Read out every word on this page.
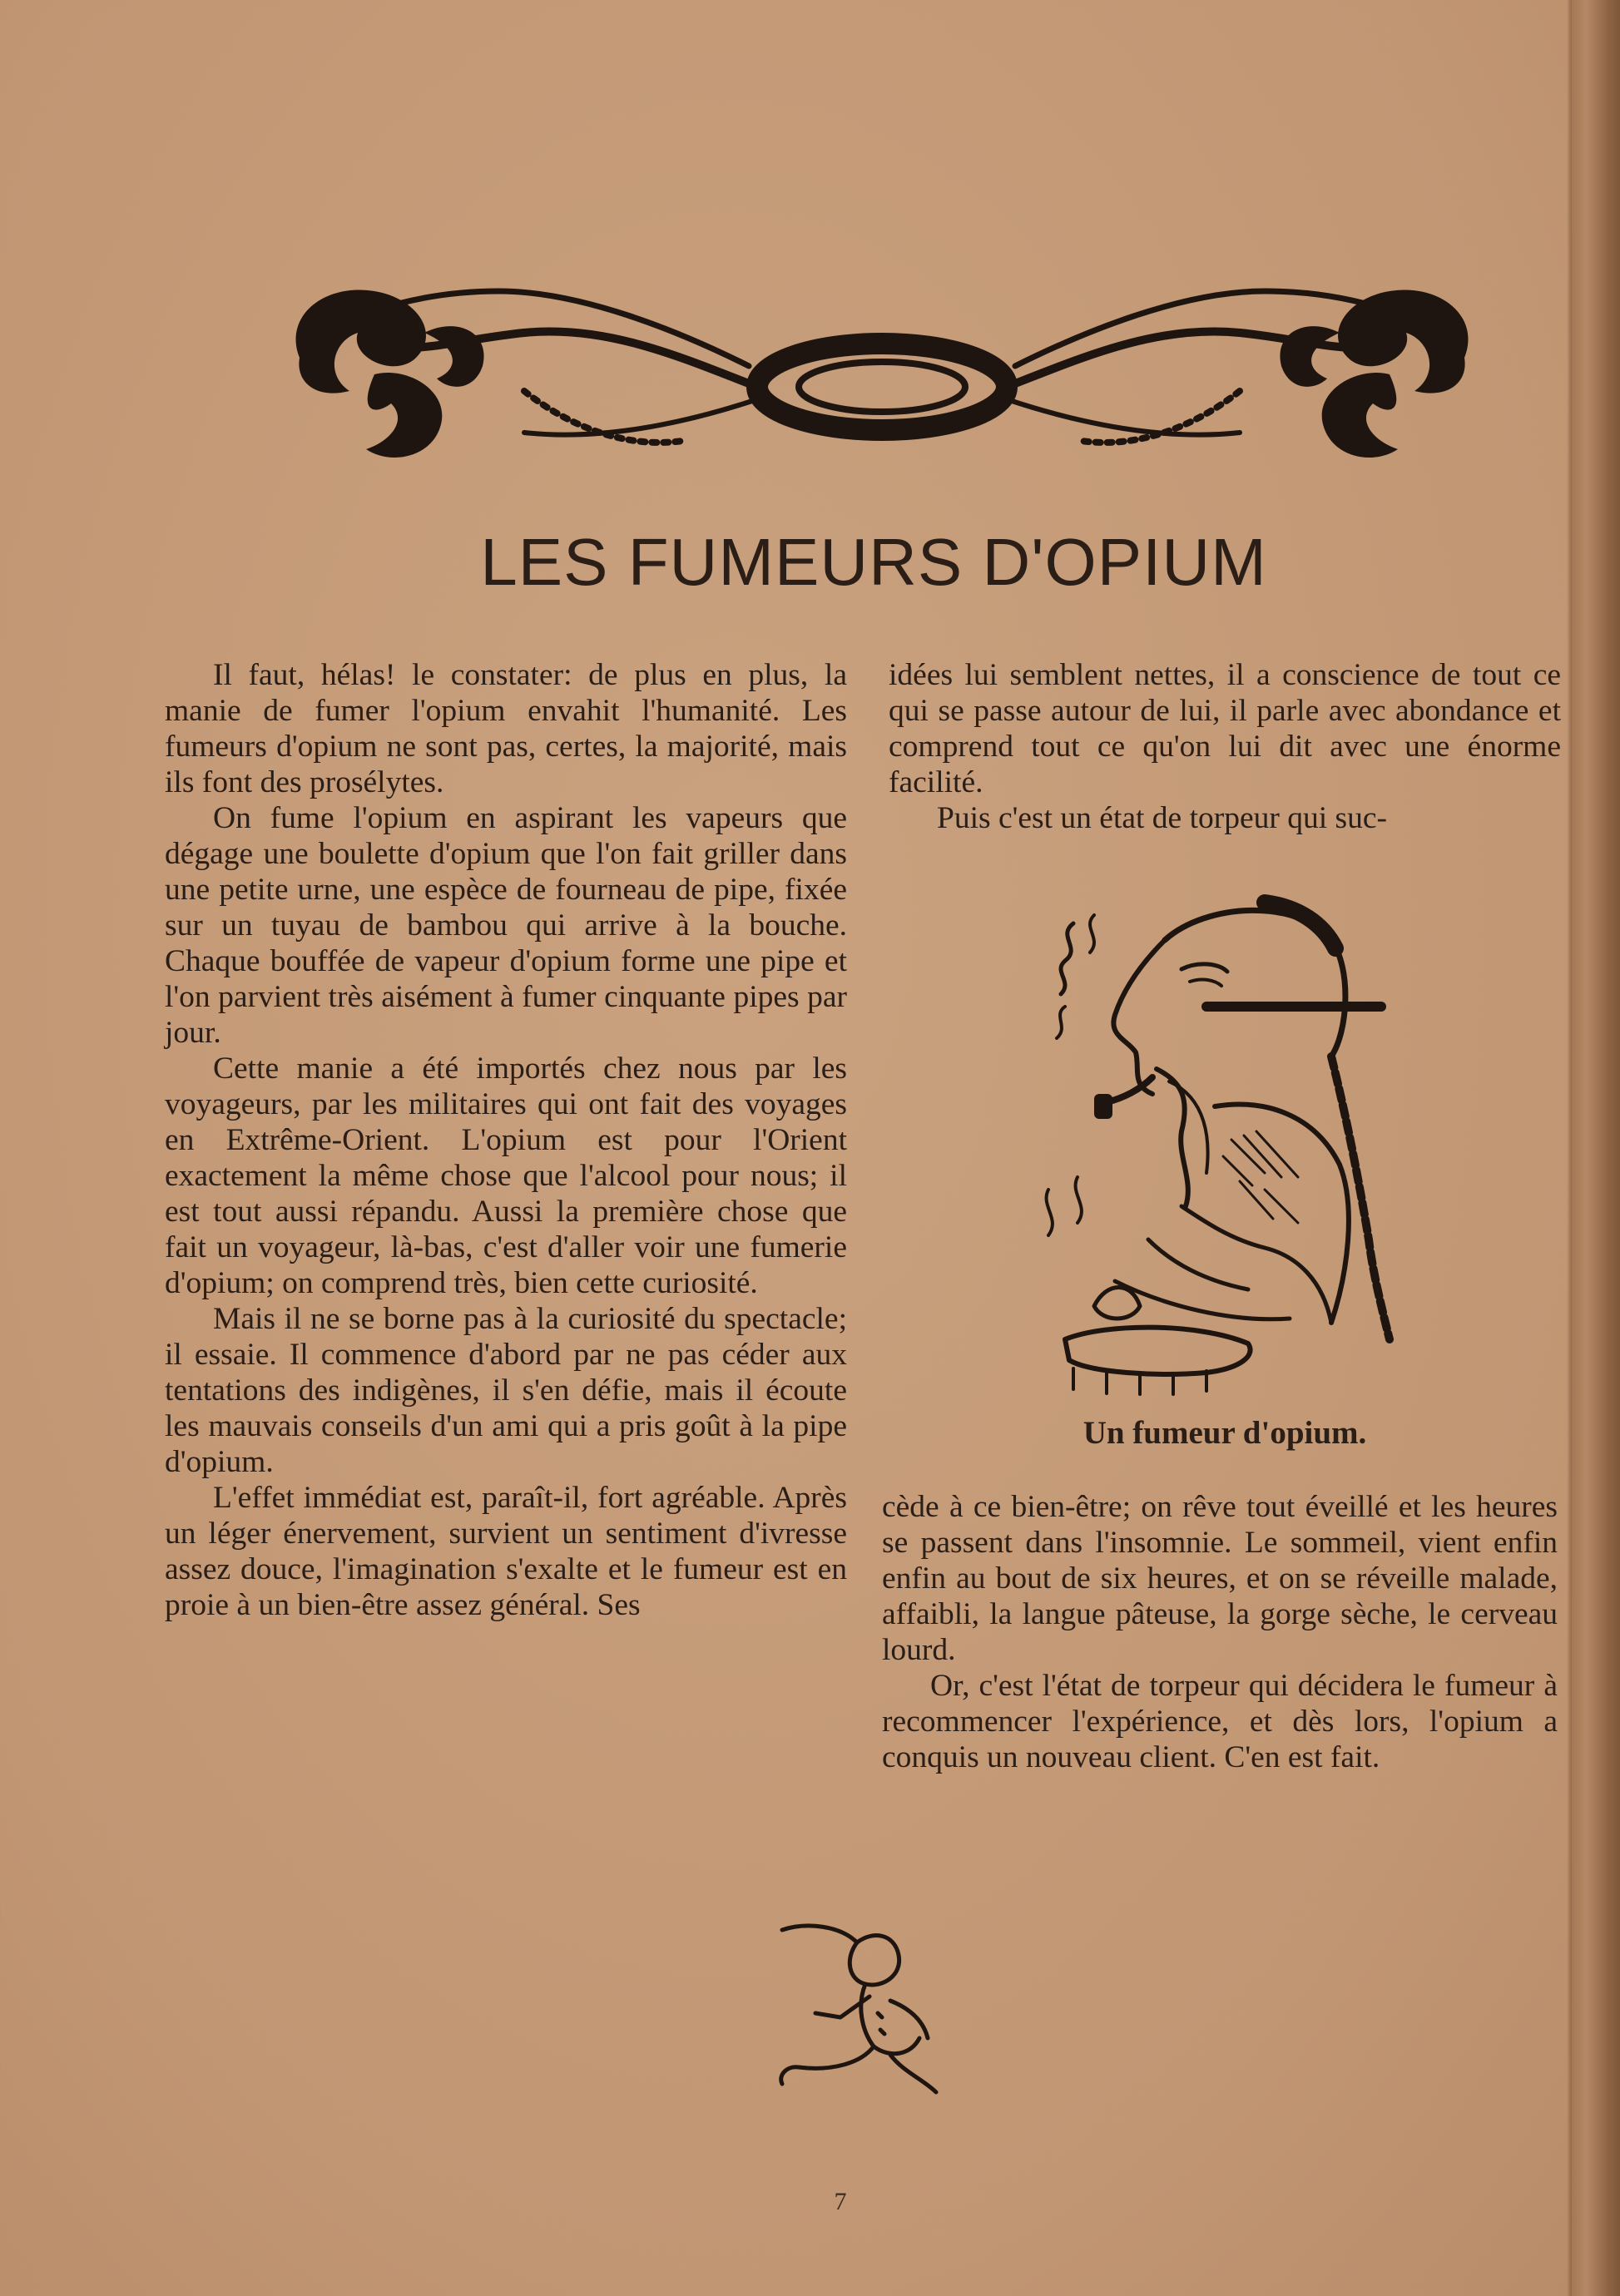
LES FUMEURS D'OPIUM

Il faut, hélas! le constater: de plus en plus, la manie de fumer l'opium envahit l'humanité. Les fumeurs d'opium ne sont pas, certes, la majorité, mais ils font des prosélytes.

On fume l'opium en aspirant les vapeurs que dégage une boulette d'opium que l'on fait griller dans une petite urne, une espèce de fourneau de pipe, fixée sur un tuyau de bambou qui arrive à la bouche. Chaque bouffée de vapeur d'opium forme une pipe et l'on parvient très aisément à fumer cinquante pipes par jour.

Cette manie a été importés chez nous par les voyageurs, par les militaires qui ont fait des voyages en Extrême-Orient. L'opium est pour l'Orient exactement la même chose que l'alcool pour nous; il est tout aussi répandu. Aussi la première chose que fait un voyageur, là-bas, c'est d'aller voir une fumerie d'opium; on comprend très, bien cette curiosité.

Mais il ne se borne pas à la curiosité du spectacle; il essaie. Il commence d'abord par ne pas céder aux tentations des indigènes, il s'en défie, mais il écoute les mauvais conseils d'un ami qui a pris goût à la pipe d'opium.

L'effet immédiat est, paraît-il, fort agréable. Après un léger énervement, survient un sentiment d'ivresse assez douce, l'imagination s'exalte et le fumeur est en proie à un bien-être assez général. Ses

idées lui semblent nettes, il a conscience de tout ce qui se passe autour de lui, il parle avec abondance et comprend tout ce qu'on lui dit avec une énorme facilité.

Puis c'est un état de torpeur qui suc-

Un fumeur d'opium.

cède à ce bien-être; on rêve tout éveillé et les heures se passent dans l'insomnie. Le sommeil, vient enfin enfin au bout de six heures, et on se réveille malade, affaibli, la langue pâteuse, la gorge sèche, le cerveau lourd.

Or, c'est l'état de torpeur qui décidera le fumeur à recommencer l'expérience, et dès lors, l'opium a conquis un nouveau client. C'en est fait.

7
